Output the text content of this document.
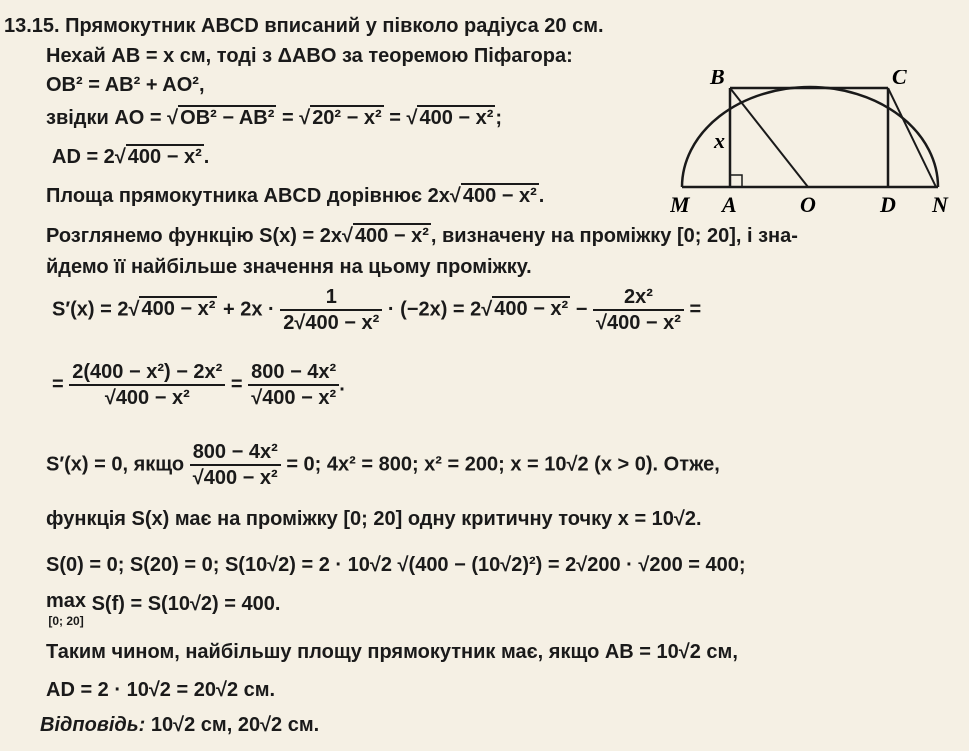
13.15. Прямокутник ABCD вписаний у півколо радіуса 20 см.
Нехай AB = x см, тоді з ΔABO за теоремою Піфагора:
OB² = AB² + AO²,
звідки AO = √ OB² − AB² = √ 20² − x² = √ 400 − x² ;
AD = 2√ 400 − x² .
Площа прямокутника ABCD дорівнює 2x√ 400 − x² .
Розглянемо функцію S(x) = 2x√ 400 − x² , визначену на проміжку [0; 20], і зна-
йдемо її найбільше значення на цьому проміжку.
S′(x) = 2√ $400 - x^2 + 2x \cdot \frac{1}{\text{2√400 − x²}} \cdot (-2x) = 2√$ $400 - x^2 - \frac{\text{2x²}}{\text{√400 − x²}}$ =
= $\frac{\text{2(400 − x²) − 2x²}}{\text{√400 − x²}} = \frac{\text{800 − 4x²}}{\text{√400 − x²}}$ .
S′(x) = 0, якщо $\frac{\text{800 − 4x²}}{\text{√400 − x²}} = 0$; 4x² = 800; x² = 200; x = 10√2 (x > 0). Отже,
функція S(x) має на проміжку [0; 20] одну критичну точку x = 10√2.
S(0) = 0; S(20) = 0; S(10√2) = 2 · 10√2 √(400 − (10√2)²) = 2√200 · √200 = 400;
max
[0; 20] S(f) = S(10√2) = 400.
Таким чином, найбільшу площу прямокутник має, якщо AB = 10√2 см,
AD = 2 · 10√2 = 20√2 см.
Відповідь: 10√2 см, 20√2 см.
B	C
x
M A	O	D N
